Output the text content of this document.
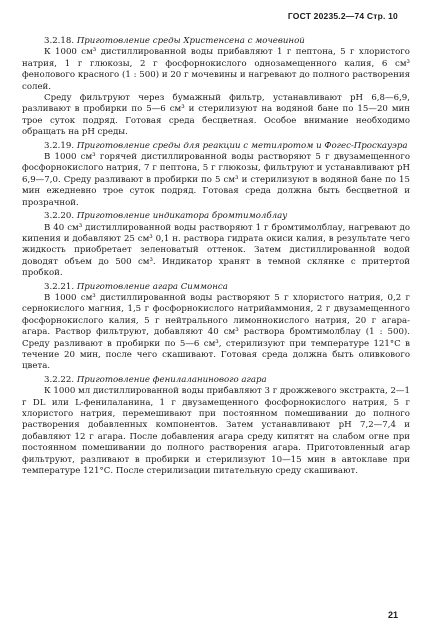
ГОСТ 20235.2—74 Стр. 10

3.2.18. Приготовление среды Христенсена с мочевиной

К 1000 см³ дистиллированной воды прибавляют 1 г пептона, 5 г хлористого натрия, 1 г глюкозы, 2 г фосфорнокислого однозамещенного калия, 6 см³ фенолового красного (1 : 500) и 20 г мочевины и нагревают до полного растворения солей.

Среду фильтруют через бумажный фильтр, устанавливают pH 6,8—6,9, разливают в пробирки по 5—6 см³ и стерилизуют на водяной бане по 15—20 мин трое суток подряд. Готовая среда бесцветная. Особое внимание необходимо обращать на pH среды.

3.2.19. Приготовление среды для реакции с метилротом и Фогес-Проскауэра

В 1000 см³ горячей дистиллированной воды растворяют 5 г двузамещенного фосфорнокислого натрия, 7 г пептона, 5 г глюкозы, фильтруют и устанавливают pH 6,9—7,0. Среду разливают в пробирки по 5 см³ и стерилизуют в водяной бане по 15 мин ежедневно трое суток подряд. Готовая среда должна быть бесцветной и прозрачной.

3.2.20. Приготовление индикатора бромтимолблау

В 40 см³ дистиллированной воды растворяют 1 г бромтимолблау, нагревают до кипения и добавляют 25 см³ 0,1 н. раствора гидрата окиси калия, в результате чего жидкость приобретает зеленоватый оттенок. Затем дистиллированной водой доводят объем до 500 см³. Индикатор хранят в темной склянке с притертой пробкой.

3.2.21. Приготовление агара Симмонса

В 1000 см³ дистиллированной воды растворяют 5 г хлористого натрия, 0,2 г сернокислого магния, 1,5 г фосфорнокислого натрийаммония, 2 г двузамещенного фосфорнокислого калия, 5 г нейтрального лимоннокислого натрия, 20 г агара-агара. Раствор фильтруют, добавляют 40 см³ раствора бромтимолблау (1 : 500). Среду разливают в пробирки по 5—6 см³, стерилизуют при температуре 121°С в течение 20 мин, после чего скашивают. Готовая среда должна быть оливкового цвета.

3.2.22. Приготовление фенилаланинового агара

К 1000 мл дистиллированной воды прибавляют 3 г дрожжевого экстракта, 2—1 г DL или L-фенилаланина, 1 г двузамещенного фосфорнокислого натрия, 5 г хлористого натрия, перемешивают при постоянном помешивании до полного растворения добавленных компонентов. Затем устанавливают pH 7,2—7,4 и добавляют 12 г агара. После добавления агара среду кипятят на слабом огне при постоянном помешивании до полного растворения агара. Приготовленный агар фильтруют, разливают в пробирки и стерилизуют 10—15 мин в автоклаве при температуре 121°С. После стерилизации питательную среду скашивают.

21
